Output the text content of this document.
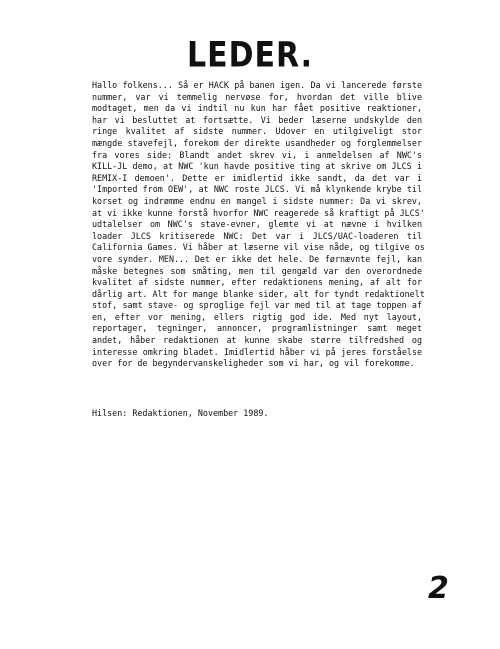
LEDER.
Hallo folkens... Så er HACK på banen igen. Da vi lancerede første
nummer, var vi temmelig nervøse for, hvordan det ville blive
modtaget, men da vi indtil nu kun har fået positive reaktioner,
har vi besluttet at fortsætte. Vi beder læserne undskylde den
ringe kvalitet af sidste nummer. Udover en utilgiveligt stor
mængde stavefejl, forekom der direkte usandheder og forglemmelser
fra vores side: Blandt andet skrev vi, i anmeldelsen af NWC's
KILL-JL demo, at NWC 'kun havde positive ting at skrive om JLCS i
REMIX-I demoen'. Dette er imidlertid ikke sandt, da det var i
'Imported from OEW', at NWC roste JLCS. Vi må klynkende krybe til
korset og indrømme endnu en mangel i sidste nummer: Da vi skrev,
at vi ikke kunne forstå hvorfor NWC reagerede så kraftigt på JLCS'
udtalelser om NWC's stave-evner, glemte vi at nævne i hvilken
loader JLCS kritiserede NWC: Det var i JLCS/UAC-loaderen til
California Games. Vi håber at læserne vil vise nåde, og tilgive os
vore synder. MEN... Det er ikke det hele. De førnævnte fejl, kan
måske betegnes som småting, men til gengæld var den overordnede
kvalitet af sidste nummer, efter redaktionens mening, af alt for
dårlig art. Alt for mange blanke sider, alt for tyndt redaktionelt
stof, samt stave- og sproglige fejl var med til at tage toppen af
en, efter vor mening, ellers rigtig god ide. Med nyt layout,
reportager, tegninger, annoncer, programlistninger samt meget
andet, håber redaktionen at kunne skabe større tilfredshed og
interesse omkring bladet. Imidlertid håber vi på jeres forståelse
over for de begyndervanskeligheder som vi har, og vil forekomme.
Hilsen: Redaktionen, November 1989.
2
